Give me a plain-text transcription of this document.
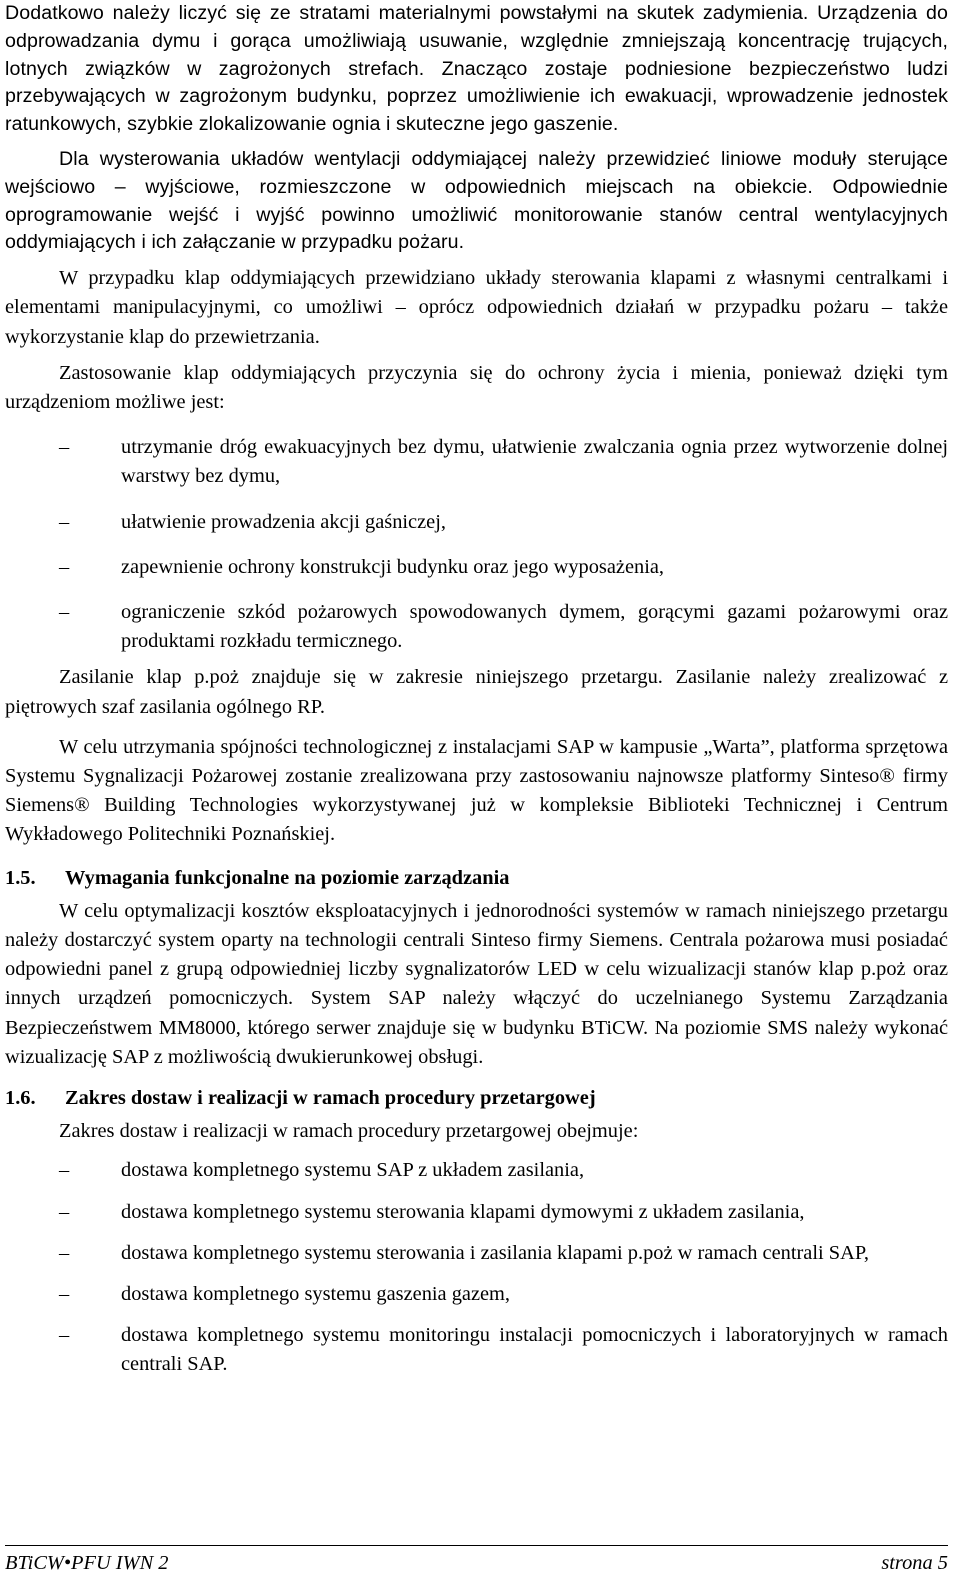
Dodatkowo należy liczyć się ze stratami materialnymi powstałymi na skutek zadymienia. Urządzenia do odprowadzania dymu i gorąca umożliwiają usuwanie, względnie zmniejszają koncentrację trujących, lotnych związków w zagrożonych strefach. Znacząco zostaje podniesione bezpieczeństwo ludzi przebywających w zagrożonym budynku, poprzez umożliwienie ich ewakuacji, wprowadzenie jednostek ratunkowych, szybkie zlokalizowanie ognia i skuteczne jego gaszenie.

Dla wysterowania układów wentylacji oddymiającej należy przewidzieć liniowe moduły sterujące wejściowo – wyjściowe, rozmieszczone w odpowiednich miejscach na obiekcie. Odpowiednie oprogramowanie wejść i wyjść powinno umożliwić monitorowanie stanów central wentylacyjnych oddymiających i ich załączanie w przypadku pożaru.

W przypadku klap oddymiających przewidziano układy sterowania klapami z własnymi centralkami i elementami manipulacyjnymi, co umożliwi – oprócz odpowiednich działań w przypadku pożaru – także wykorzystanie klap do przewietrzania.

Zastosowanie klap oddymiających przyczynia się do ochrony życia i mienia, ponieważ dzięki tym urządzeniom możliwe jest:

–	utrzymanie dróg ewakuacyjnych bez dymu, ułatwienie zwalczania ognia przez wytworzenie dolnej warstwy bez dymu,
–	ułatwienie prowadzenia akcji gaśniczej,
–	zapewnienie ochrony konstrukcji budynku oraz jego wyposażenia,
–	ograniczenie szkód pożarowych spowodowanych dymem, gorącymi gazami pożarowymi oraz produktami rozkładu termicznego.

Zasilanie klap p.poż znajduje się w zakresie niniejszego przetargu. Zasilanie należy zrealizować z piętrowych szaf zasilania ogólnego RP.

W celu utrzymania spójności technologicznej z instalacjami SAP w kampusie „Warta”, platforma sprzętowa Systemu Sygnalizacji Pożarowej zostanie zrealizowana przy zastosowaniu najnowsze platformy Sinteso® firmy Siemens® Building Technologies wykorzystywanej już w kompleksie Biblioteki Technicznej i Centrum Wykładowego Politechniki Poznańskiej.

1.5.	Wymagania funkcjonalne na poziomie zarządzania

W celu optymalizacji kosztów eksploatacyjnych i jednorodności systemów w ramach niniejszego przetargu należy dostarczyć system oparty na technologii centrali Sinteso firmy Siemens. Centrala pożarowa musi posiadać odpowiedni panel z grupą odpowiedniej liczby sygnalizatorów LED w celu wizualizacji stanów klap p.poż oraz innych urządzeń pomocniczych. System SAP należy włączyć do uczelnianego Systemu Zarządzania Bezpieczeństwem MM8000, którego serwer znajduje się w budynku BTiCW. Na poziomie SMS należy wykonać wizualizację SAP z możliwością dwukierunkowej obsługi.

1.6.	Zakres dostaw i realizacji w ramach procedury przetargowej

Zakres dostaw i realizacji w ramach procedury przetargowej obejmuje:

–	dostawa kompletnego systemu SAP z układem zasilania,
–	dostawa kompletnego systemu sterowania klapami dymowymi z układem zasilania,
–	dostawa kompletnego systemu sterowania i zasilania klapami p.poż w ramach centrali SAP,
–	dostawa kompletnego systemu gaszenia gazem,
–	dostawa kompletnego systemu monitoringu instalacji pomocniczych i laboratoryjnych w ramach centrali SAP.
BTiCW•PFU IWN 2	strona 5
